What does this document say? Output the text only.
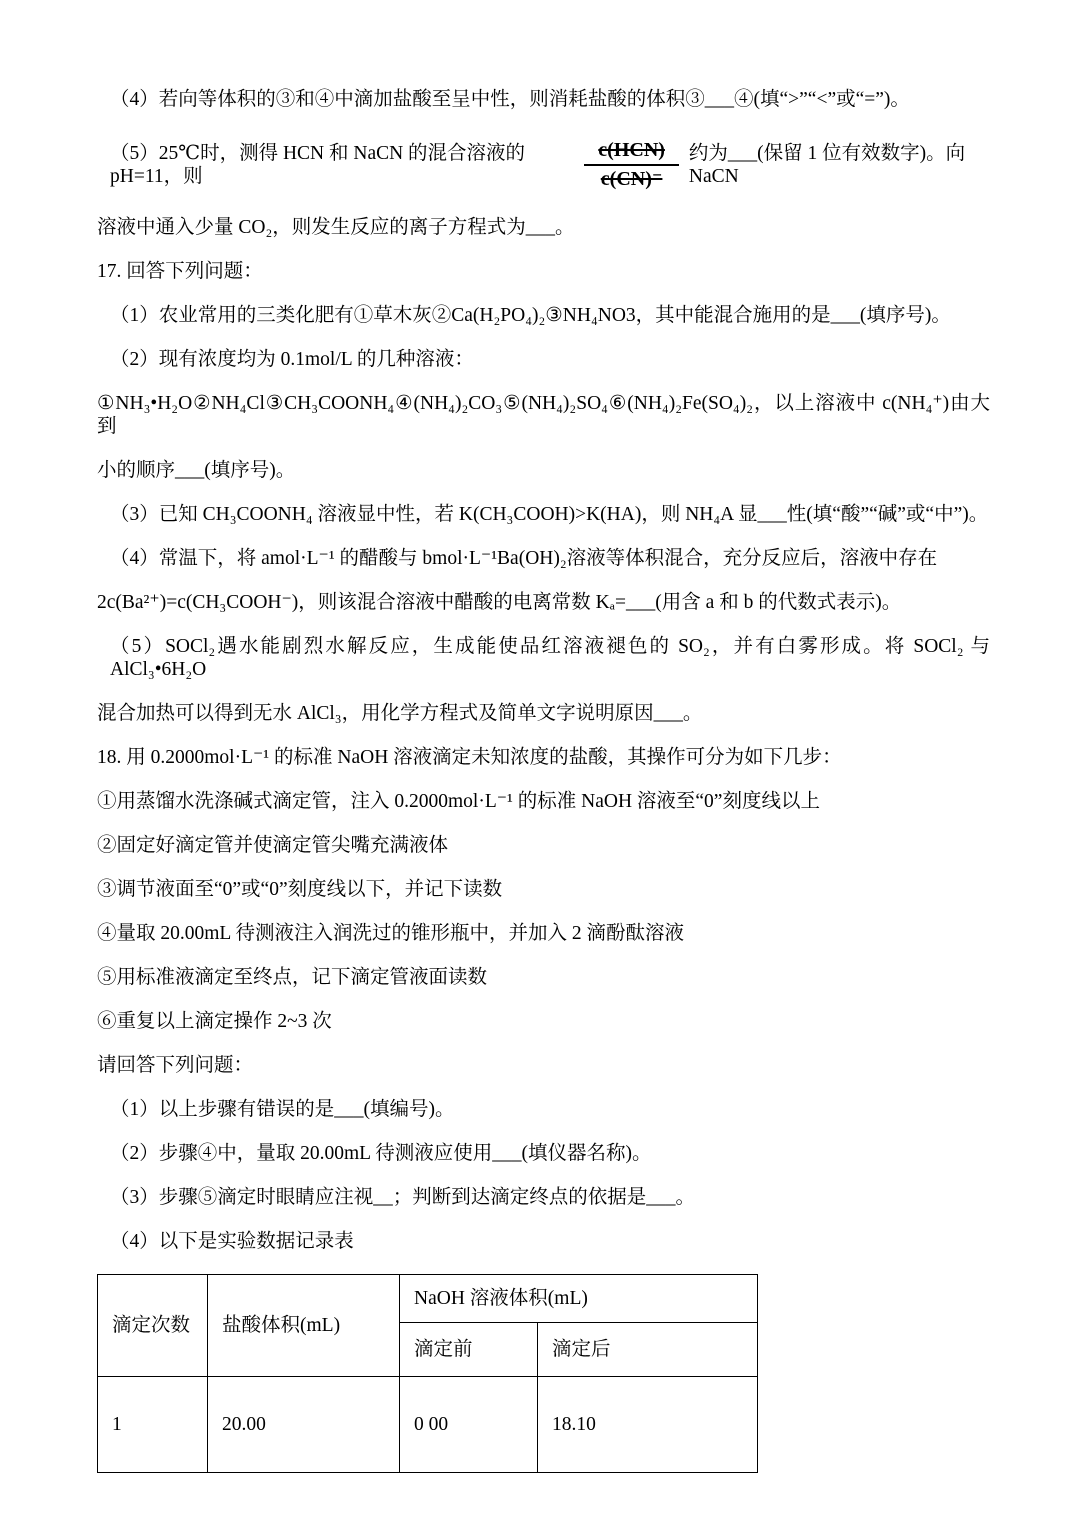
（4）若向等体积的③和④中滴加盐酸至呈中性，则消耗盐酸的体积③___④(填“>”“<”或“=”)。

（5）25℃时，测得 HCN 和 NaCN 的混合溶液的 pH=11，则	$\frac{\text{c(HCN)}}{c(CN)^-}$ 约为___(保留 1 位有效数字)。向 NaCN

溶液中通入少量 CO₂，则发生反应的离子方程式为___。

17. 回答下列问题：

（1）农业常用的三类化肥有①草木灰②Ca(H₂PO₄)₂③NH₄NO3，其中能混合施用的是___(填序号)。

（2）现有浓度均为 0.1mol/L 的几种溶液：

①NH₃•H₂O②NH₄Cl③CH₃COONH₄④(NH₄)₂CO₃⑤(NH₄)₂SO₄⑥(NH₄)₂Fe(SO₄)₂，以上溶液中 c(NH₄⁺)由大到

小的顺序___(填序号)。

（3）已知 CH₃COONH₄ 溶液显中性，若 K(CH₃COOH)>K(HA)，则 NH₄A 显___性(填“酸”“碱”或“中”)。

（4）常温下，将 amol·L⁻¹ 的醋酸与 bmol·L⁻¹Ba(OH)₂溶液等体积混合，充分反应后，溶液中存在

2c(Ba²⁺)=c(CH₃COOH⁻)，则该混合溶液中醋酸的电离常数 Kₐ=___(用含 a 和 b 的代数式表示)。

（5）SOCl₂遇水能剧烈水解反应，生成能使品红溶液褪色的 SO₂，并有白雾形成。将 SOCl₂ 与 AlCl₃•6H₂O

混合加热可以得到无水 AlCl₃，用化学方程式及简单文字说明原因___。

18. 用 0.2000mol·L⁻¹ 的标准 NaOH 溶液滴定未知浓度的盐酸，其操作可分为如下几步：

①用蒸馏水洗涤碱式滴定管，注入 0.2000mol·L⁻¹ 的标准 NaOH 溶液至“0”刻度线以上

②固定好滴定管并使滴定管尖嘴充满液体

③调节液面至“0”或“0”刻度线以下，并记下读数

④量取 20.00mL 待测液注入润洗过的锥形瓶中，并加入 2 滴酚酞溶液

⑤用标准液滴定至终点，记下滴定管液面读数

⑥重复以上滴定操作 2~3 次

请回答下列问题：

（1）以上步骤有错误的是___(填编号)。

（2）步骤④中，量取 20.00mL 待测液应使用___(填仪器名称)。

（3）步骤⑤滴定时眼睛应注视__；判断到达滴定终点的依据是___。

（4）以下是实验数据记录表

滴定次数	盐酸体积(mL)	NaOH 溶液体积(mL)	
		滴定前	滴定后
1	20.00	0 00	18.10
